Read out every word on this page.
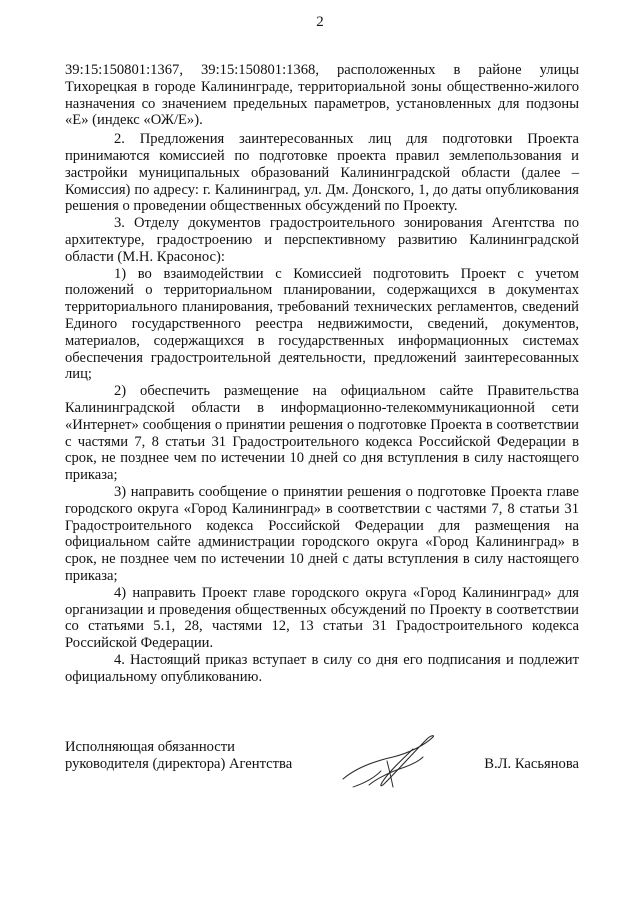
2

39:15:150801:1367, 39:15:150801:1368, расположенных в районе улицы Тихорецкая в городе Калининграде, территориальной зоны общественно-жилого назначения со значением предельных параметров, установленных для подзоны «Е» (индекс «ОЖ/Е»).

2. Предложения заинтересованных лиц для подготовки Проекта принимаются комиссией по подготовке проекта правил землепользования и застройки муниципальных образований Калининградской области (далее – Комиссия) по адресу: г. Калининград, ул. Дм. Донского, 1, до даты опубликования решения о проведении общественных обсуждений по Проекту.

3. Отделу документов градостроительного зонирования Агентства по архитектуре, градостроению и перспективному развитию Калининградской области (М.Н. Красонос):

1) во взаимодействии с Комиссией подготовить Проект с учетом положений о территориальном планировании, содержащихся в документах территориального планирования, требований технических регламентов, сведений Единого государственного реестра недвижимости, сведений, документов, материалов, содержащихся в государственных информационных системах обеспечения градостроительной деятельности, предложений заинтересованных лиц;

2) обеспечить размещение на официальном сайте Правительства Калининградской области в информационно-телекоммуникационной сети «Интернет» сообщения о принятии решения о подготовке Проекта в соответствии с частями 7, 8 статьи 31 Градостроительного кодекса Российской Федерации в срок, не позднее чем по истечении 10 дней со дня вступления в силу настоящего приказа;

3) направить сообщение о принятии решения о подготовке Проекта главе городского округа «Город Калининград» в соответствии с частями 7, 8 статьи 31 Градостроительного кодекса Российской Федерации для размещения на официальном сайте администрации городского округа «Город Калининград» в срок, не позднее чем по истечении 10 дней с даты вступления в силу настоящего приказа;

4) направить Проект главе городского округа «Город Калининград» для организации и проведения общественных обсуждений по Проекту в соответствии со статьями 5.1, 28, частями 12, 13 статьи 31 Градостроительного кодекса Российской Федерации.

4. Настоящий приказ вступает в силу со дня его подписания и подлежит официальному опубликованию.

Исполняющая обязанности
руководителя (директора) Агентства	В.Л. Касьянова
